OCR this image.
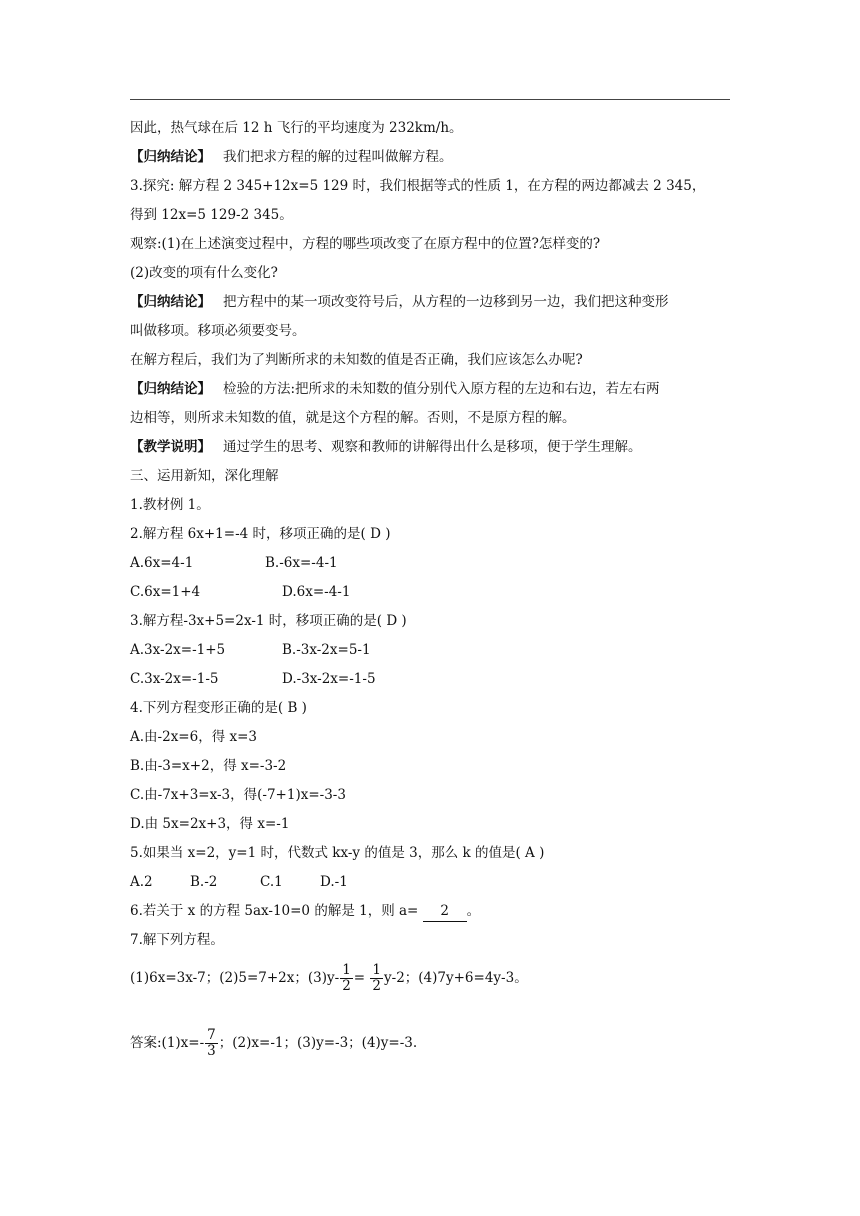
因此，热气球在后 12 h 飞行的平均速度为 232km/h。
【归纳结论】 我们把求方程的解的过程叫做解方程。
3.探究: 解方程 2 345+12x=5 129 时，我们根据等式的性质 1，在方程的两边都减去 2 345，
得到 12x=5 129-2 345。
观察:(1)在上述演变过程中，方程的哪些项改变了在原方程中的位置?怎样变的?
(2)改变的项有什么变化?
【归纳结论】 把方程中的某一项改变符号后，从方程的一边移到另一边，我们把这种变形
叫做移项。移项必须要变号。
在解方程后，我们为了判断所求的未知数的值是否正确，我们应该怎么办呢?
【归纳结论】 检验的方法:把所求的未知数的值分别代入原方程的左边和右边，若左右两
边相等，则所求未知数的值，就是这个方程的解。否则，不是原方程的解。
【教学说明】 通过学生的思考、观察和教师的讲解得出什么是移项，便于学生理解。
三、运用新知，深化理解
1.教材例 1。
2.解方程 6x+1=-4 时，移项正确的是( D )
A.6x=4-1	B.-6x=-4-1
C.6x=1+4	D.6x=-4-1
3.解方程-3x+5=2x-1 时，移项正确的是( D )
A.3x-2x=-1+5	B.-3x-2x=5-1
C.3x-2x=-1-5	D.-3x-2x=-1-5
4.下列方程变形正确的是( B )
A.由-2x=6，得 x=3
B.由-3=x+2，得 x=-3-2
C.由-7x+3=x-3，得(-7+1)x=-3-3
D.由 5x=2x+3，得 x=-1
5.如果当 x=2，y=1 时，代数式 kx-y 的值是 3，那么 k 的值是( A )
A.2	B.-2	C.1	D.-1
6.若关于 x 的方程 5ax-10=0 的解是 1，则 a= 2 。
7.解下列方程。
(1)6x=3x-7；(2)5=7+2x；$(3)y- \frac{1}{2} = \frac{1}{2} y-2$；(4)7y+6=4y-3。
答案:(1)x=- $\frac{7}{3}$ ；(2)x=-1；(3)y=-3；(4)y=-3.
